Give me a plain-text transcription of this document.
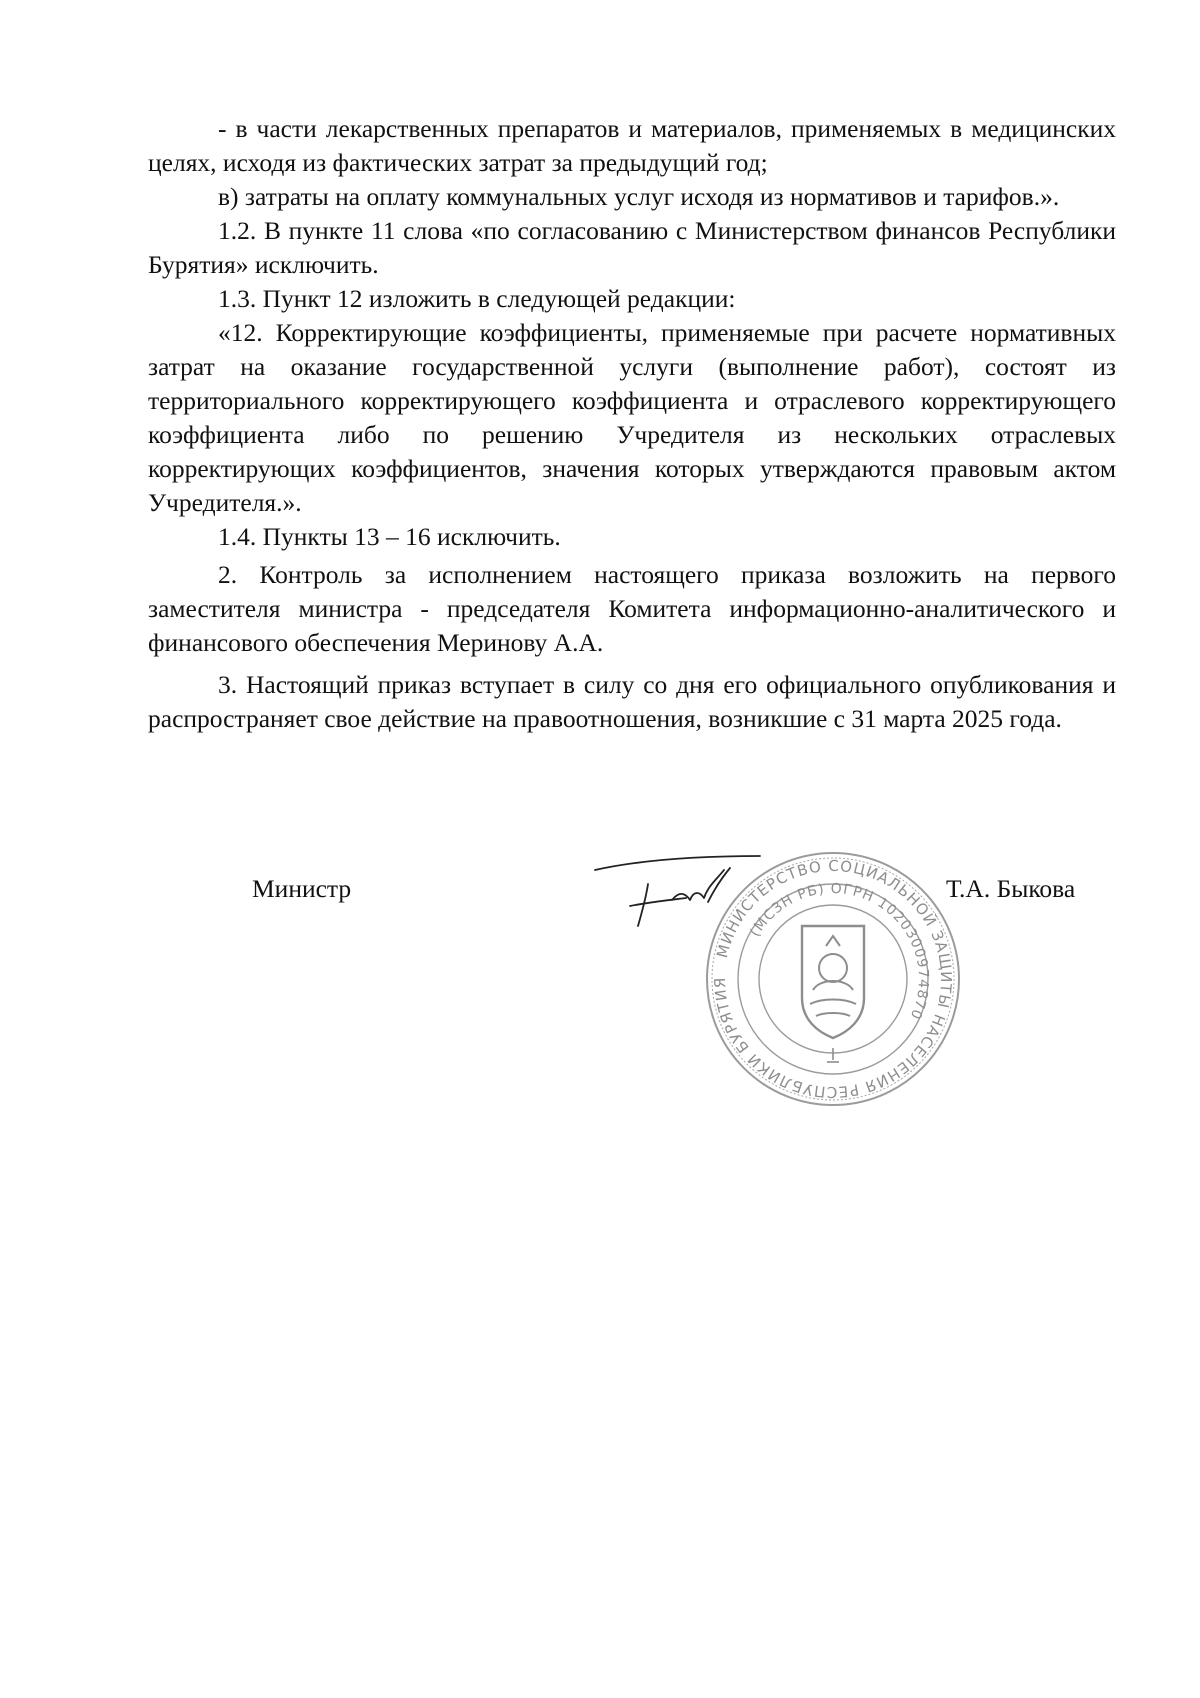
- в части лекарственных препаратов и материалов, применяемых в медицинских целях, исходя из фактических затрат за предыдущий год;

в) затраты на оплату коммунальных услуг исходя из нормативов и тарифов.».

1.2. В пункте 11 слова «по согласованию с Министерством финансов Республики Бурятия» исключить.

1.3. Пункт 12 изложить в следующей редакции:

«12. Корректирующие коэффициенты, применяемые при расчете нормативных затрат на оказание государственной услуги (выполнение работ), состоят из территориального корректирующего коэффициента и отраслевого корректирующего коэффициента либо по решению Учредителя из нескольких отраслевых корректирующих коэффициентов, значения которых утверждаются правовым актом Учредителя.».

1.4. Пункты 13 – 16 исключить.

2. Контроль за исполнением настоящего приказа возложить на первого заместителя министра - председателя Комитета информационно-аналитического и финансового обеспечения Меринову А.А.

3. Настоящий приказ вступает в силу со дня его официального опубликования и распространяет свое действие на правоотношения, возникшие с 31 марта 2025 года.

Министр
МИНИСТЕРСТВО СОЦИАЛЬНОЙ ЗАЩИТЫ НАСЕЛЕНИЯ РЕСПУБЛИКИ БУРЯТИЯ
(МСЗН РБ) ОГРН 1020300974870
Т.А. Быкова
